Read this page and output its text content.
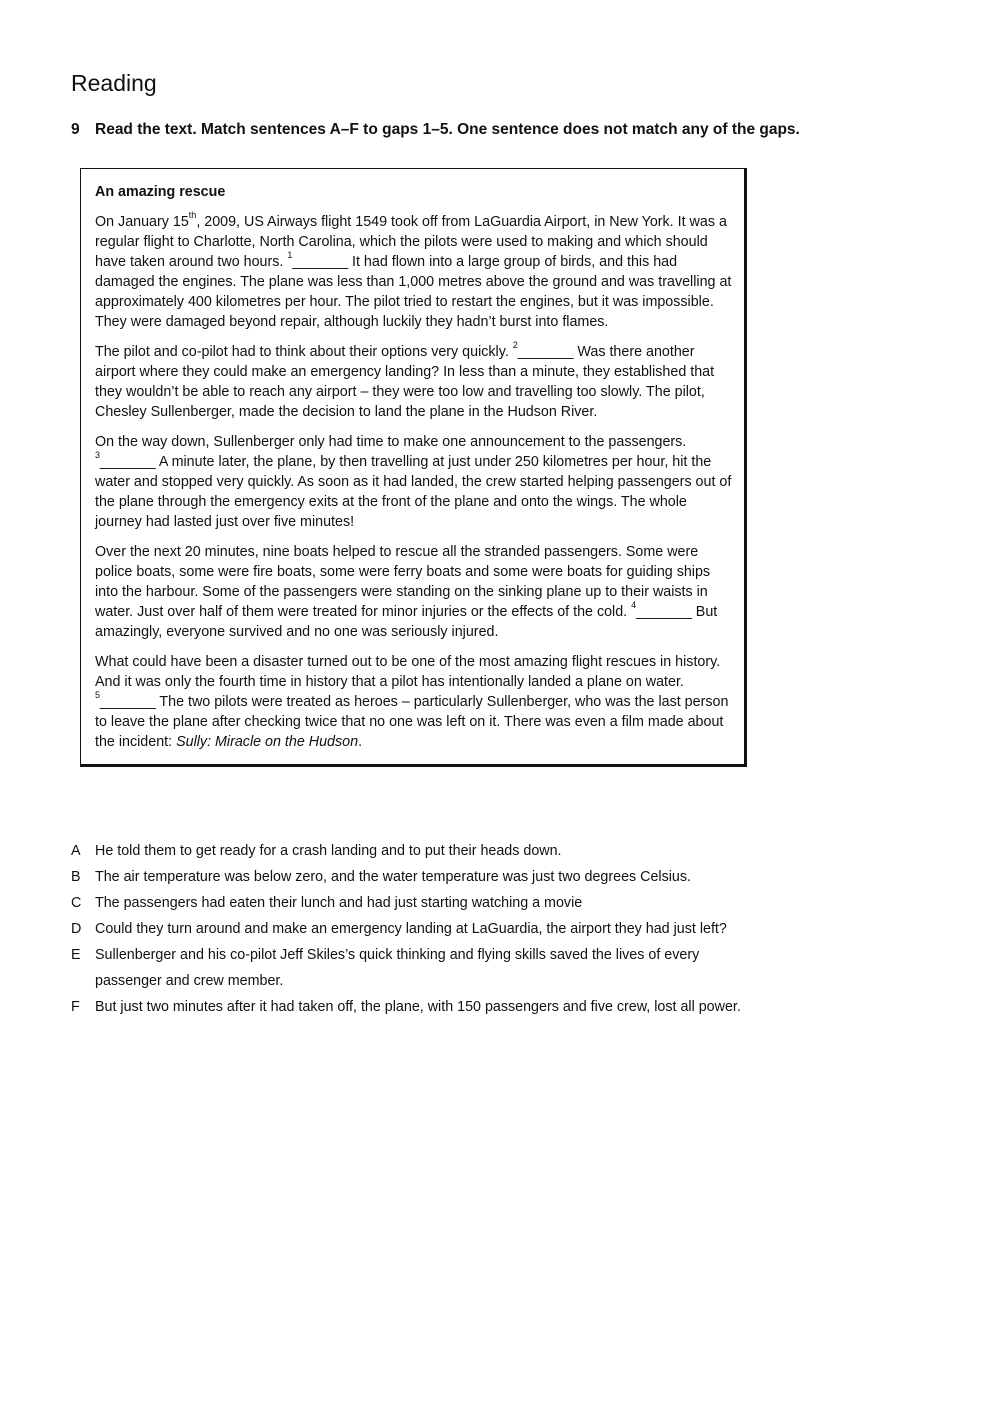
Reading

9 Read the text. Match sentences A–F to gaps 1–5. One sentence does not match any of the gaps.

An amazing rescue

On January 15th, 2009, US Airways flight 1549 took off from LaGuardia Airport, in New York. It was a regular flight to Charlotte, North Carolina, which the pilots were used to making and which should have taken around two hours. $^1$ _______	It had flown into a large group of birds, and this had damaged the engines. The plane was less than 1,000 metres above the ground and was travelling at approximately 400 kilometres per hour. The pilot tried to restart the engines, but it was impossible. They were damaged beyond repair, although luckily they hadn’t burst into flames.

The pilot and co-pilot had to think about their options very quickly. $^2$ _______	Was there another airport where they could make an emergency landing? In less than a minute, they established that they wouldn’t be able to reach any airport – they were too low and travelling too slowly. The pilot, Chesley Sullenberger, made the decision to land the plane in the Hudson River.

On the way down, Sullenberger only had time to make one announcement to the passengers. $^3$ _______	A minute later, the plane, by then travelling at just under 250 kilometres per hour, hit the water and stopped very quickly. As soon as it had landed, the crew started helping passengers out of the plane through the emergency exits at the front of the plane and onto the wings. The whole journey had lasted just over five minutes!

Over the next 20 minutes, nine boats helped to rescue all the stranded passengers. Some were police boats, some were fire boats, some were ferry boats and some were boats for guiding ships into the harbour. Some of the passengers were standing on the sinking plane up to their waists in water. Just over half of them were treated for minor injuries or the effects of the cold. $^4$ _______	But amazingly, everyone survived and no one was seriously injured.

What could have been a disaster turned out to be one of the most amazing flight rescues in history. And it was only the fourth time in history that a pilot has intentionally landed a plane on water. $^5$ _______	The two pilots were treated as heroes – particularly Sullenberger, who was the last person to leave the plane after checking twice that no one was left on it. There was even a film made about the incident: Sully: Miracle on the Hudson.

A	He told them to get ready for a crash landing and to put their heads down.
B	The air temperature was below zero, and the water temperature was just two degrees Celsius.
C The passengers had eaten their lunch and had just starting watching a movie
D Could they turn around and make an emergency landing at LaGuardia, the airport they had just left?
E	Sullenberger and his co-pilot Jeff Skiles’s quick thinking and flying skills saved the lives of every passenger and crew member.
F	But just two minutes after it had taken off, the plane, with 150 passengers and five crew, lost all power.
